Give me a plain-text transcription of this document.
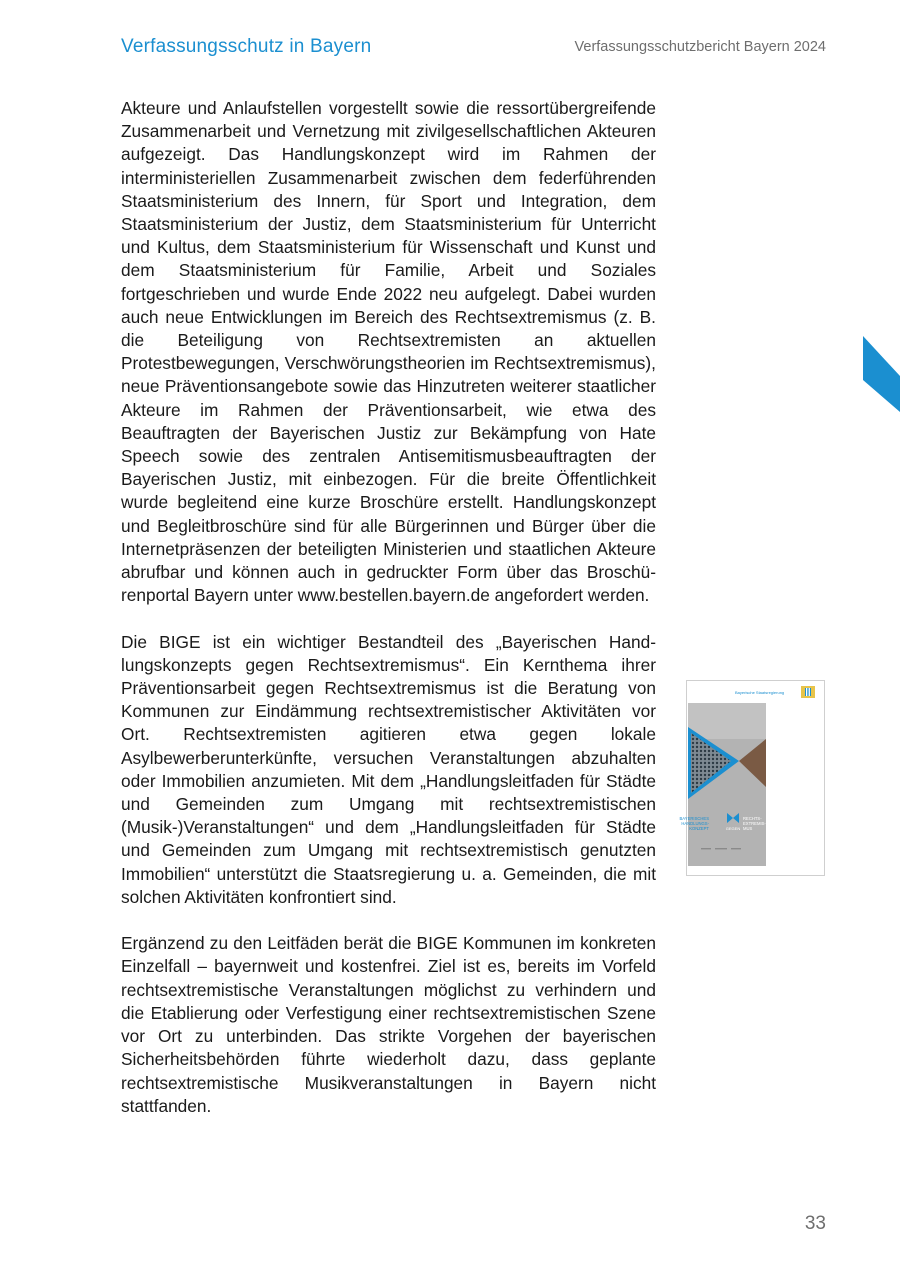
Verfassungsschutz in Bayern	Verfassungsschutzbericht Bayern 2024

Akteure und Anlaufstellen vorgestellt sowie die ressortübergreifende Zusammenarbeit und Vernetzung mit zivilgesellschaftlichen Akteuren aufgezeigt. Das Handlungskonzept wird im Rahmen der interministeriellen Zusammenarbeit zwischen dem federführenden Staatsministerium des Innern, für Sport und Integration, dem Staatsministerium der Justiz, dem Staatsministerium für Unterricht und Kultus, dem Staatsministerium für Wissenschaft und Kunst und dem Staatsministerium für Familie, Arbeit und Soziales fortgeschrieben und wurde Ende 2022 neu aufgelegt. Dabei wurden auch neue Entwicklungen im Bereich des Rechtsextremismus (z. B. die Beteiligung von Rechtsextremisten an aktuellen Protestbewegungen, Verschwörungstheorien im Rechtsextremismus), neue Präventionsangebote sowie das Hinzutreten weiterer staatlicher Akteure im Rahmen der Präventionsarbeit, wie etwa des Beauftragten der Bayerischen Justiz zur Bekämpfung von Hate Speech sowie des zentralen Antisemitismusbeauftragten der Bayerischen Justiz, mit einbezogen. Für die breite Öffentlichkeit wurde begleitend eine kurze Broschüre erstellt. Handlungskonzept und Begleitbroschüre sind für alle Bürgerinnen und Bürger über die Internetpräsenzen der beteiligten Ministerien und staatlichen Akteure abrufbar und können auch in gedruckter Form über das Broschürenportal Bayern unter www.bestellen.bayern.de angefordert werden.

Die BIGE ist ein wichtiger Bestandteil des „Bayerischen Handlungskonzepts gegen Rechtsextremismus“. Ein Kernthema ihrer Präventionsarbeit gegen Rechtsextremismus ist die Beratung von Kommunen zur Eindämmung rechtsextremistischer Aktivitäten vor Ort. Rechtsextremisten agitieren etwa gegen lokale Asylbewerberunterkünfte, versuchen Veranstaltungen abzuhalten oder Immobilien anzumieten. Mit dem „Handlungsleitfaden für Städte und Gemeinden zum Umgang mit rechtsextremistischen (Musik-)Veranstaltungen“ und dem „Handlungsleitfaden für Städte und Gemeinden zum Umgang mit rechtsextremistisch genutzten Immobilien“ unterstützt die Staatsregierung u. a. Gemeinden, die mit solchen Aktivitäten konfrontiert sind.

Ergänzend zu den Leitfäden berät die BIGE Kommunen im konkreten Einzelfall – bayernweit und kostenfrei. Ziel ist es, bereits im Vorfeld rechtsextremistische Veranstaltungen möglichst zu verhindern und die Etablierung oder Verfestigung einer rechtsextremistischen Szene vor Ort zu unterbinden. Das strikte Vorgehen der bayerischen Sicherheitsbehörden führte wiederholt dazu, dass geplante rechtsextremistische Musikveranstaltungen in Bayern nicht stattfanden.

Bayerische Staatsregierung
BAYERISCHES
HANDLUNGS-
KONZEPT	GEGEN
RECHTS-
EXTREMIS-
MUS
33
